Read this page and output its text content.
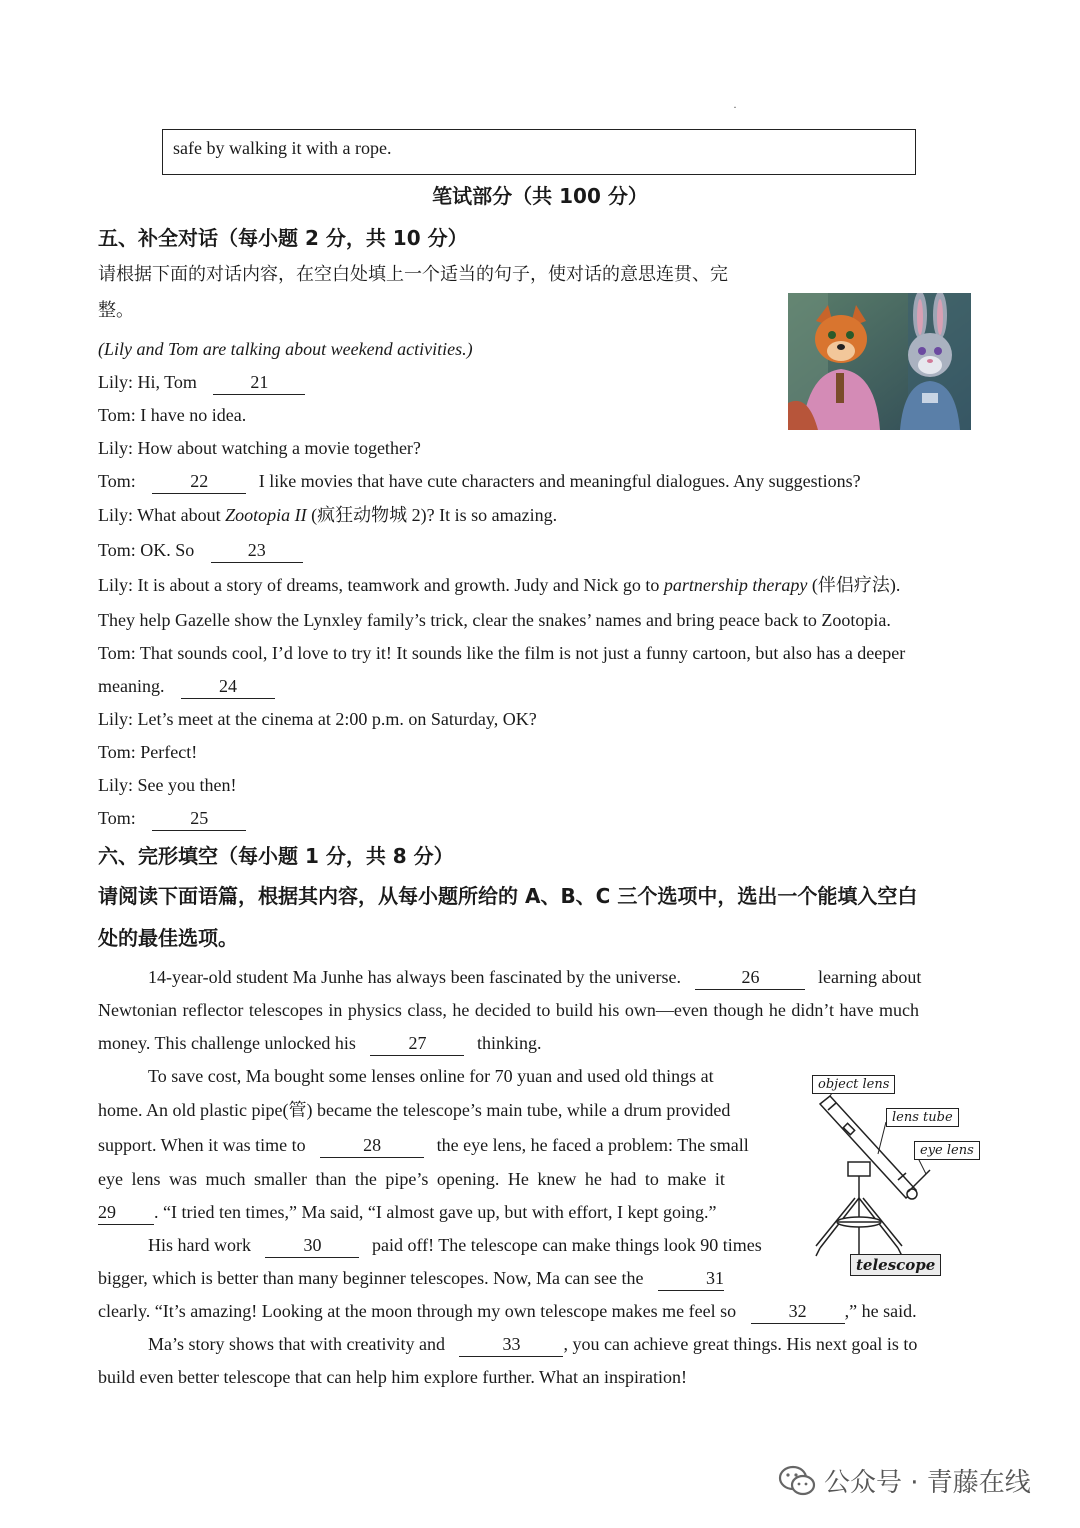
·
safe by walking it with a rope.
笔试部分（共 100 分）
五、补全对话（每小题 2 分，共 10 分）
请根据下面的对话内容，在空白处填上一个适当的句子，使对话的意思连贯、完
整。
(Lily and Tom are talking about weekend activities.)
Lily: Hi, Tom	21
Tom: I have no idea.
Lily: How about watching a movie together?
Tom:	22	I like movies that have cute characters and meaningful dialogues. Any suggestions?
Lily: What about Zootopia II (疯狂动物城 2)? It is so amazing.
Tom: OK. So	23
Lily: It is about a story of dreams, teamwork and growth. Judy and Nick go to partnership therapy (伴侣疗法).
They help Gazelle show the Lynxley family’s trick, clear the snakes’ names and bring peace back to Zootopia.
Tom: That sounds cool, I’d love to try it! It sounds like the film is not just a funny cartoon, but also has a deeper
meaning.	24
Lily: Let’s meet at the cinema at 2:00 p.m. on Saturday, OK?
Tom: Perfect!
Lily: See you then!
Tom:	25
六、完形填空（每小题 1 分，共 8 分）
请阅读下面语篇，根据其内容，从每小题所给的 A、B、C 三个选项中，选出一个能填入空白
处的最佳选项。
14-year-old student Ma Junhe has always been fascinated by the universe.	26	learning about
Newtonian reflector telescopes in physics class, he decided to build his own—even though he didn’t have much
money. This challenge unlocked his	27	thinking.
To save cost, Ma bought some lenses online for 70 yuan and used old things at
home. An old plastic pipe(管) became the telescope’s main tube, while a drum provided
support. When it was time to	28	the eye lens, he faced a problem: The small
eye lens was much smaller than the pipe’s opening. He knew he had to make it
29 . “I tried ten times,” Ma said, “I almost gave up, but with effort, I kept going.”
His hard work	30	paid off! The telescope can make things look 90 times
bigger, which is better than many beginner telescopes. Now, Ma can see the	31
clearly. “It’s amazing! Looking at the moon through my own telescope makes me feel so	32 ,” he said.
Ma’s story shows that with creativity and	33 , you can achieve great things. His next goal is to
build even better telescope that can help him explore further. What an inspiration!
object lens
lens tube
eye lens
telescope
公众号 · 青藤在线
